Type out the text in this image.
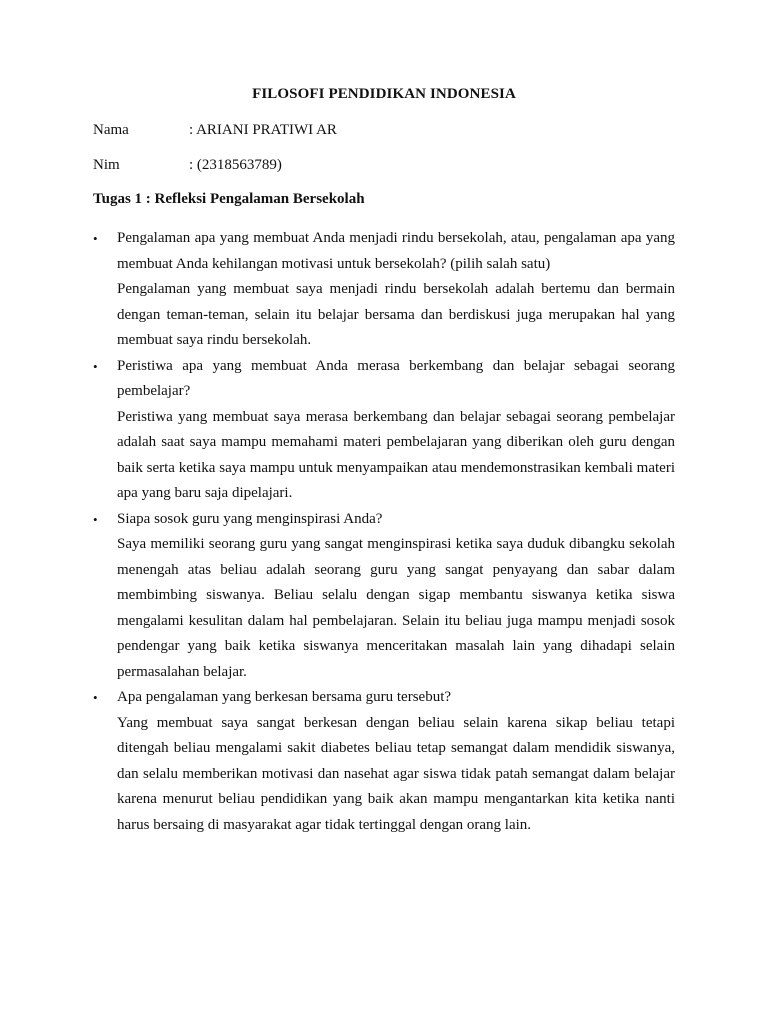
FILOSOFI PENDIDIKAN INDONESIA
Nama	: ARIANI PRATIWI AR
Nim	: (2318563789)
Tugas 1 : Refleksi Pengalaman Bersekolah
•	Pengalaman apa yang membuat Anda menjadi rindu bersekolah, atau, pengalaman apa yang membuat Anda kehilangan motivasi untuk bersekolah? (pilih salah satu)

Pengalaman yang membuat saya menjadi rindu bersekolah adalah bertemu dan bermain dengan teman-teman, selain itu belajar bersama dan berdiskusi juga merupakan hal yang membuat saya rindu bersekolah.

•	Peristiwa apa yang membuat Anda merasa berkembang dan belajar sebagai seorang pembelajar?

Peristiwa yang membuat saya merasa berkembang dan belajar sebagai seorang pembelajar adalah saat saya mampu memahami materi pembelajaran yang diberikan oleh guru dengan baik serta ketika saya mampu untuk menyampaikan atau mendemonstrasikan kembali materi apa yang baru saja dipelajari.

•	Siapa sosok guru yang menginspirasi Anda?

Saya memiliki seorang guru yang sangat menginspirasi ketika saya duduk dibangku sekolah menengah atas beliau adalah seorang guru yang sangat penyayang dan sabar dalam membimbing siswanya. Beliau selalu dengan sigap membantu siswanya ketika siswa mengalami kesulitan dalam hal pembelajaran. Selain itu beliau juga mampu menjadi sosok pendengar yang baik ketika siswanya menceritakan masalah lain yang dihadapi selain permasalahan belajar.

•	Apa pengalaman yang berkesan bersama guru tersebut?

Yang membuat saya sangat berkesan dengan beliau selain karena sikap beliau tetapi ditengah beliau mengalami sakit diabetes beliau tetap semangat dalam mendidik siswanya, dan selalu memberikan motivasi dan nasehat agar siswa tidak patah semangat dalam belajar karena menurut beliau pendidikan yang baik akan mampu mengantarkan kita ketika nanti harus bersaing di masyarakat agar tidak tertinggal dengan orang lain.
